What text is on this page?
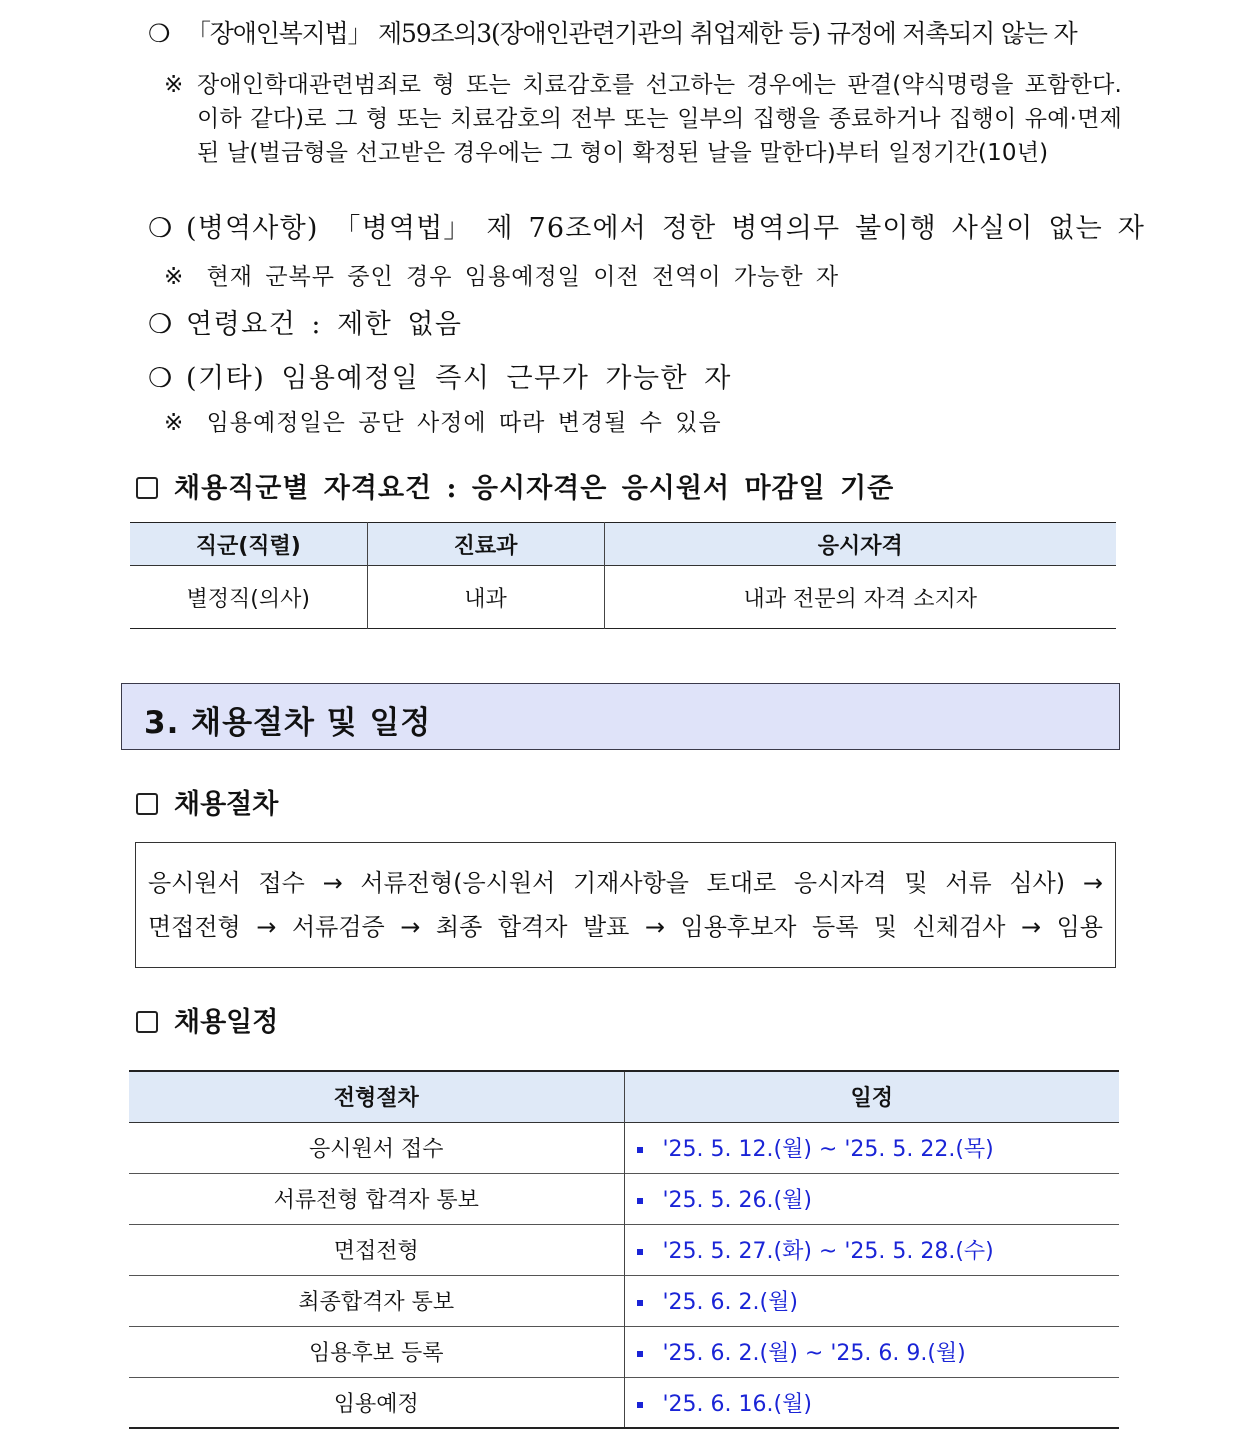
❍ 「장애인복지법」 제59조의3(장애인관련기관의 취업제한 등) 규정에 저촉되지 않는 자
※ 장애인학대관련범죄로 형 또는 치료감호를 선고하는 경우에는 판결(약식명령을 포함한다. 이하 같다)로 그 형 또는 치료감호의 전부 또는 일부의 집행을 종료하거나 집행이 유예·면제된 날(벌금형을 선고받은 경우에는 그 형이 확정된 날을 말한다)부터 일정기간(10년)
❍ (병역사항) 「병역법」 제 76조에서 정한 병역의무 불이행 사실이 없는 자
※ 현재 군복무 중인 경우 임용예정일 이전 전역이 가능한 자
❍ 연령요건 : 제한 없음
❍ (기타) 임용예정일 즉시 근무가 가능한 자
※ 임용예정일은 공단 사정에 따라 변경될 수 있음
채용직군별 자격요건 : 응시자격은 응시원서 마감일 기준
직군(직렬)	진료과	응시자격
별정직(의사)	내과	내과 전문의 자격 소지자
3. 채용절차 및 일정
채용절차
응시원서 접수 → 서류전형(응시원서 기재사항을 토대로 응시자격 및 서류 심사) →
면접전형 → 서류검증 → 최종 합격자 발표 → 임용후보자 등록 및 신체검사 → 임용
채용일정
전형절차	일정
응시원서 접수	'25. 5. 12.(월) ~ '25. 5. 22.(목)
서류전형 합격자 통보	'25. 5. 26.(월)
면접전형	'25. 5. 27.(화) ~ '25. 5. 28.(수)
최종합격자 통보	'25. 6. 2.(월)
임용후보 등록	'25. 6. 2.(월) ~ '25. 6. 9.(월)
임용예정	'25. 6. 16.(월)
